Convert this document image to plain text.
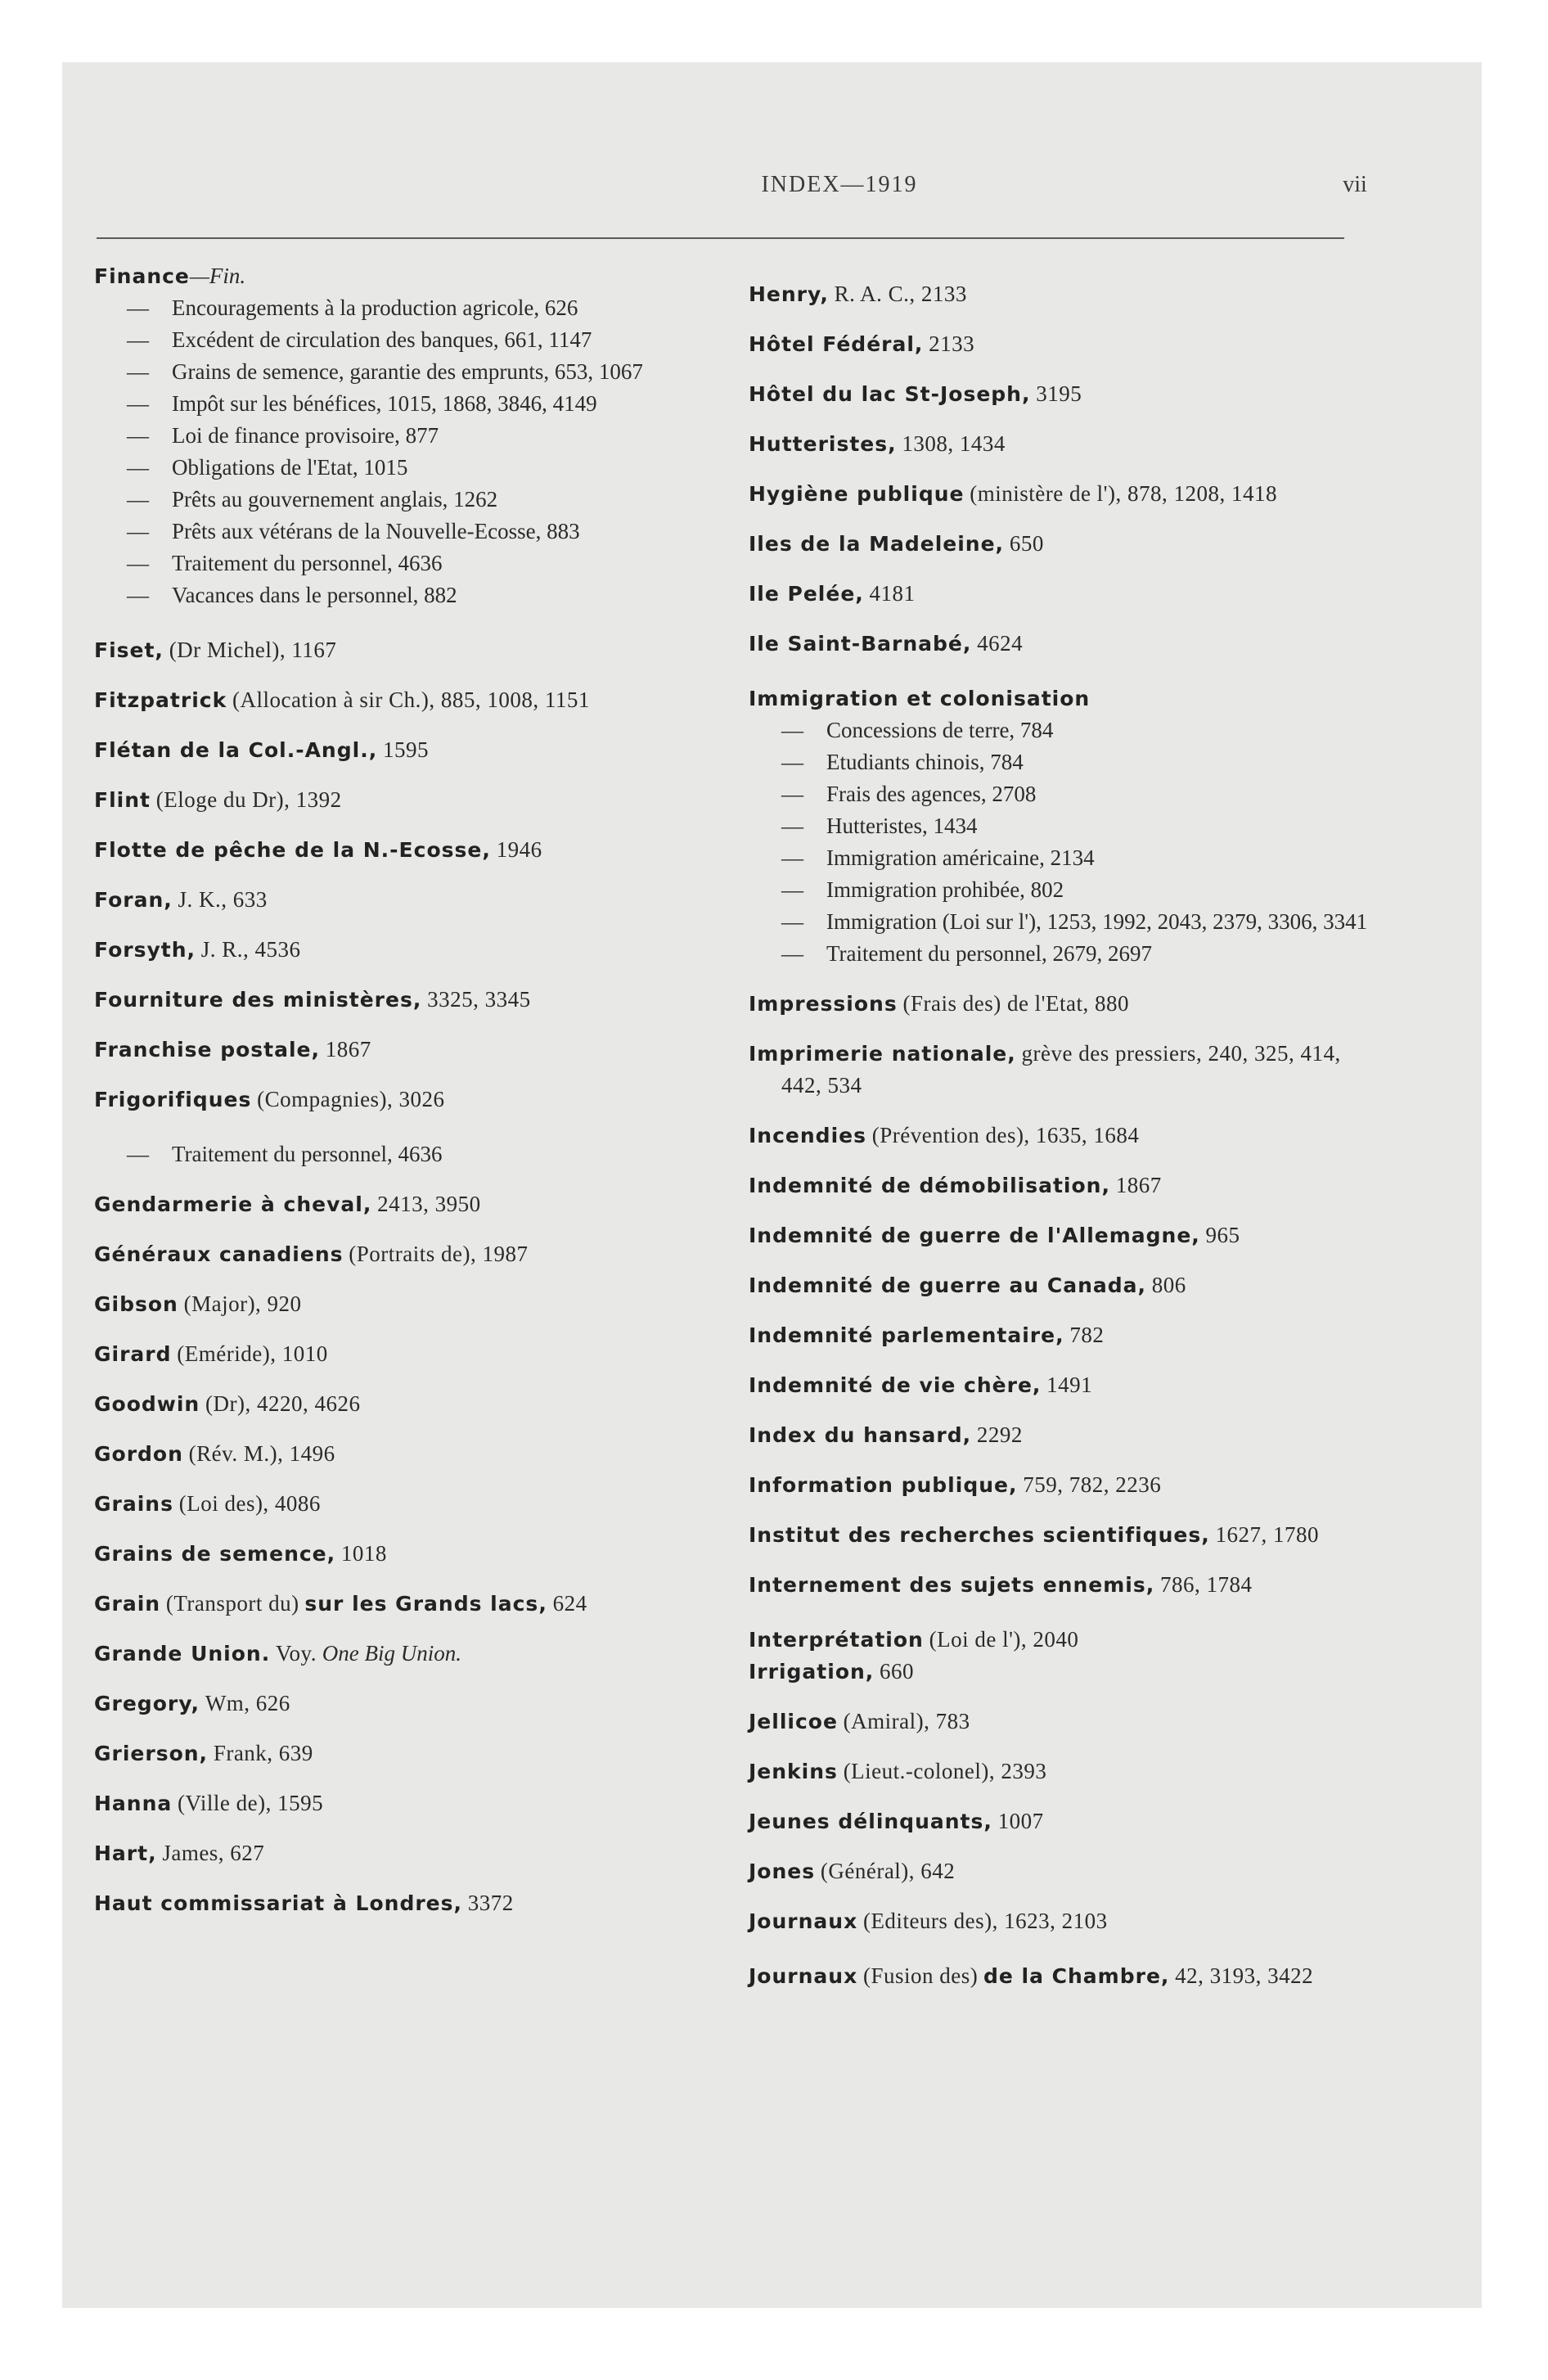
INDEX—1919	vii
Finance—Fin.
— Encouragements à la production agricole, 626
— Excédent de circulation des banques, 661, 1147
— Grains de semence, garantie des emprunts, 653, 1067
— Impôt sur les bénéfices, 1015, 1868, 3846, 4149
— Loi de finance provisoire, 877
— Obligations de l'Etat, 1015
— Prêts au gouvernement anglais, 1262
— Prêts aux vétérans de la Nouvelle-Ecosse, 883
— Traitement du personnel, 4636
— Vacances dans le personnel, 882
Fiset, (Dr Michel), 1167
Fitzpatrick (Allocation à sir Ch.), 885, 1008, 1151
Flétan de la Col.-Angl., 1595
Flint (Eloge du Dr), 1392
Flotte de pêche de la N.-Ecosse, 1946
Foran, J. K., 633
Forsyth, J. R., 4536
Fourniture des ministères, 3325, 3345
Franchise postale, 1867
Frigorifiques (Compagnies), 3026
— Traitement du personnel, 4636
Gendarmerie à cheval, 2413, 3950
Généraux canadiens (Portraits de), 1987
Gibson (Major), 920
Girard (Eméride), 1010
Goodwin (Dr), 4220, 4626
Gordon (Rév. M.), 1496
Grains (Loi des), 4086
Grains de semence, 1018
Grain (Transport du) sur les Grands lacs, 624
Grande Union. Voy. One Big Union.
Gregory, Wm, 626
Grierson, Frank, 639
Hanna (Ville de), 1595
Hart, James, 627
Haut commissariat à Londres, 3372
Henry, R. A. C., 2133
Hôtel Fédéral, 2133
Hôtel du lac St-Joseph, 3195
Hutteristes, 1308, 1434
Hygiène publique (ministère de l'), 878, 1208, 1418
Iles de la Madeleine, 650
Ile Pelée, 4181
Ile Saint-Barnabé, 4624
Immigration et colonisation
— Concessions de terre, 784
— Etudiants chinois, 784
— Frais des agences, 2708
— Hutteristes, 1434
— Immigration américaine, 2134
— Immigration prohibée, 802
— Immigration (Loi sur l'), 1253, 1992, 2043, 2379, 3306, 3341
— Traitement du personnel, 2679, 2697
Impressions (Frais des) de l'Etat, 880
Imprimerie nationale, grève des pressiers, 240, 325, 414, 442, 534
Incendies (Prévention des), 1635, 1684
Indemnité de démobilisation, 1867
Indemnité de guerre de l'Allemagne, 965
Indemnité de guerre au Canada, 806
Indemnité parlementaire, 782
Indemnité de vie chère, 1491
Index du hansard, 2292
Information publique, 759, 782, 2236
Institut des recherches scientifiques, 1627, 1780
Internement des sujets ennemis, 786, 1784
Interprétation (Loi de l'), 2040
Irrigation, 660
Jellicoe (Amiral), 783
Jenkins (Lieut.-colonel), 2393
Jeunes délinquants, 1007
Jones (Général), 642
Journaux (Editeurs des), 1623, 2103
Journaux (Fusion des) de la Chambre, 42, 3193, 3422
